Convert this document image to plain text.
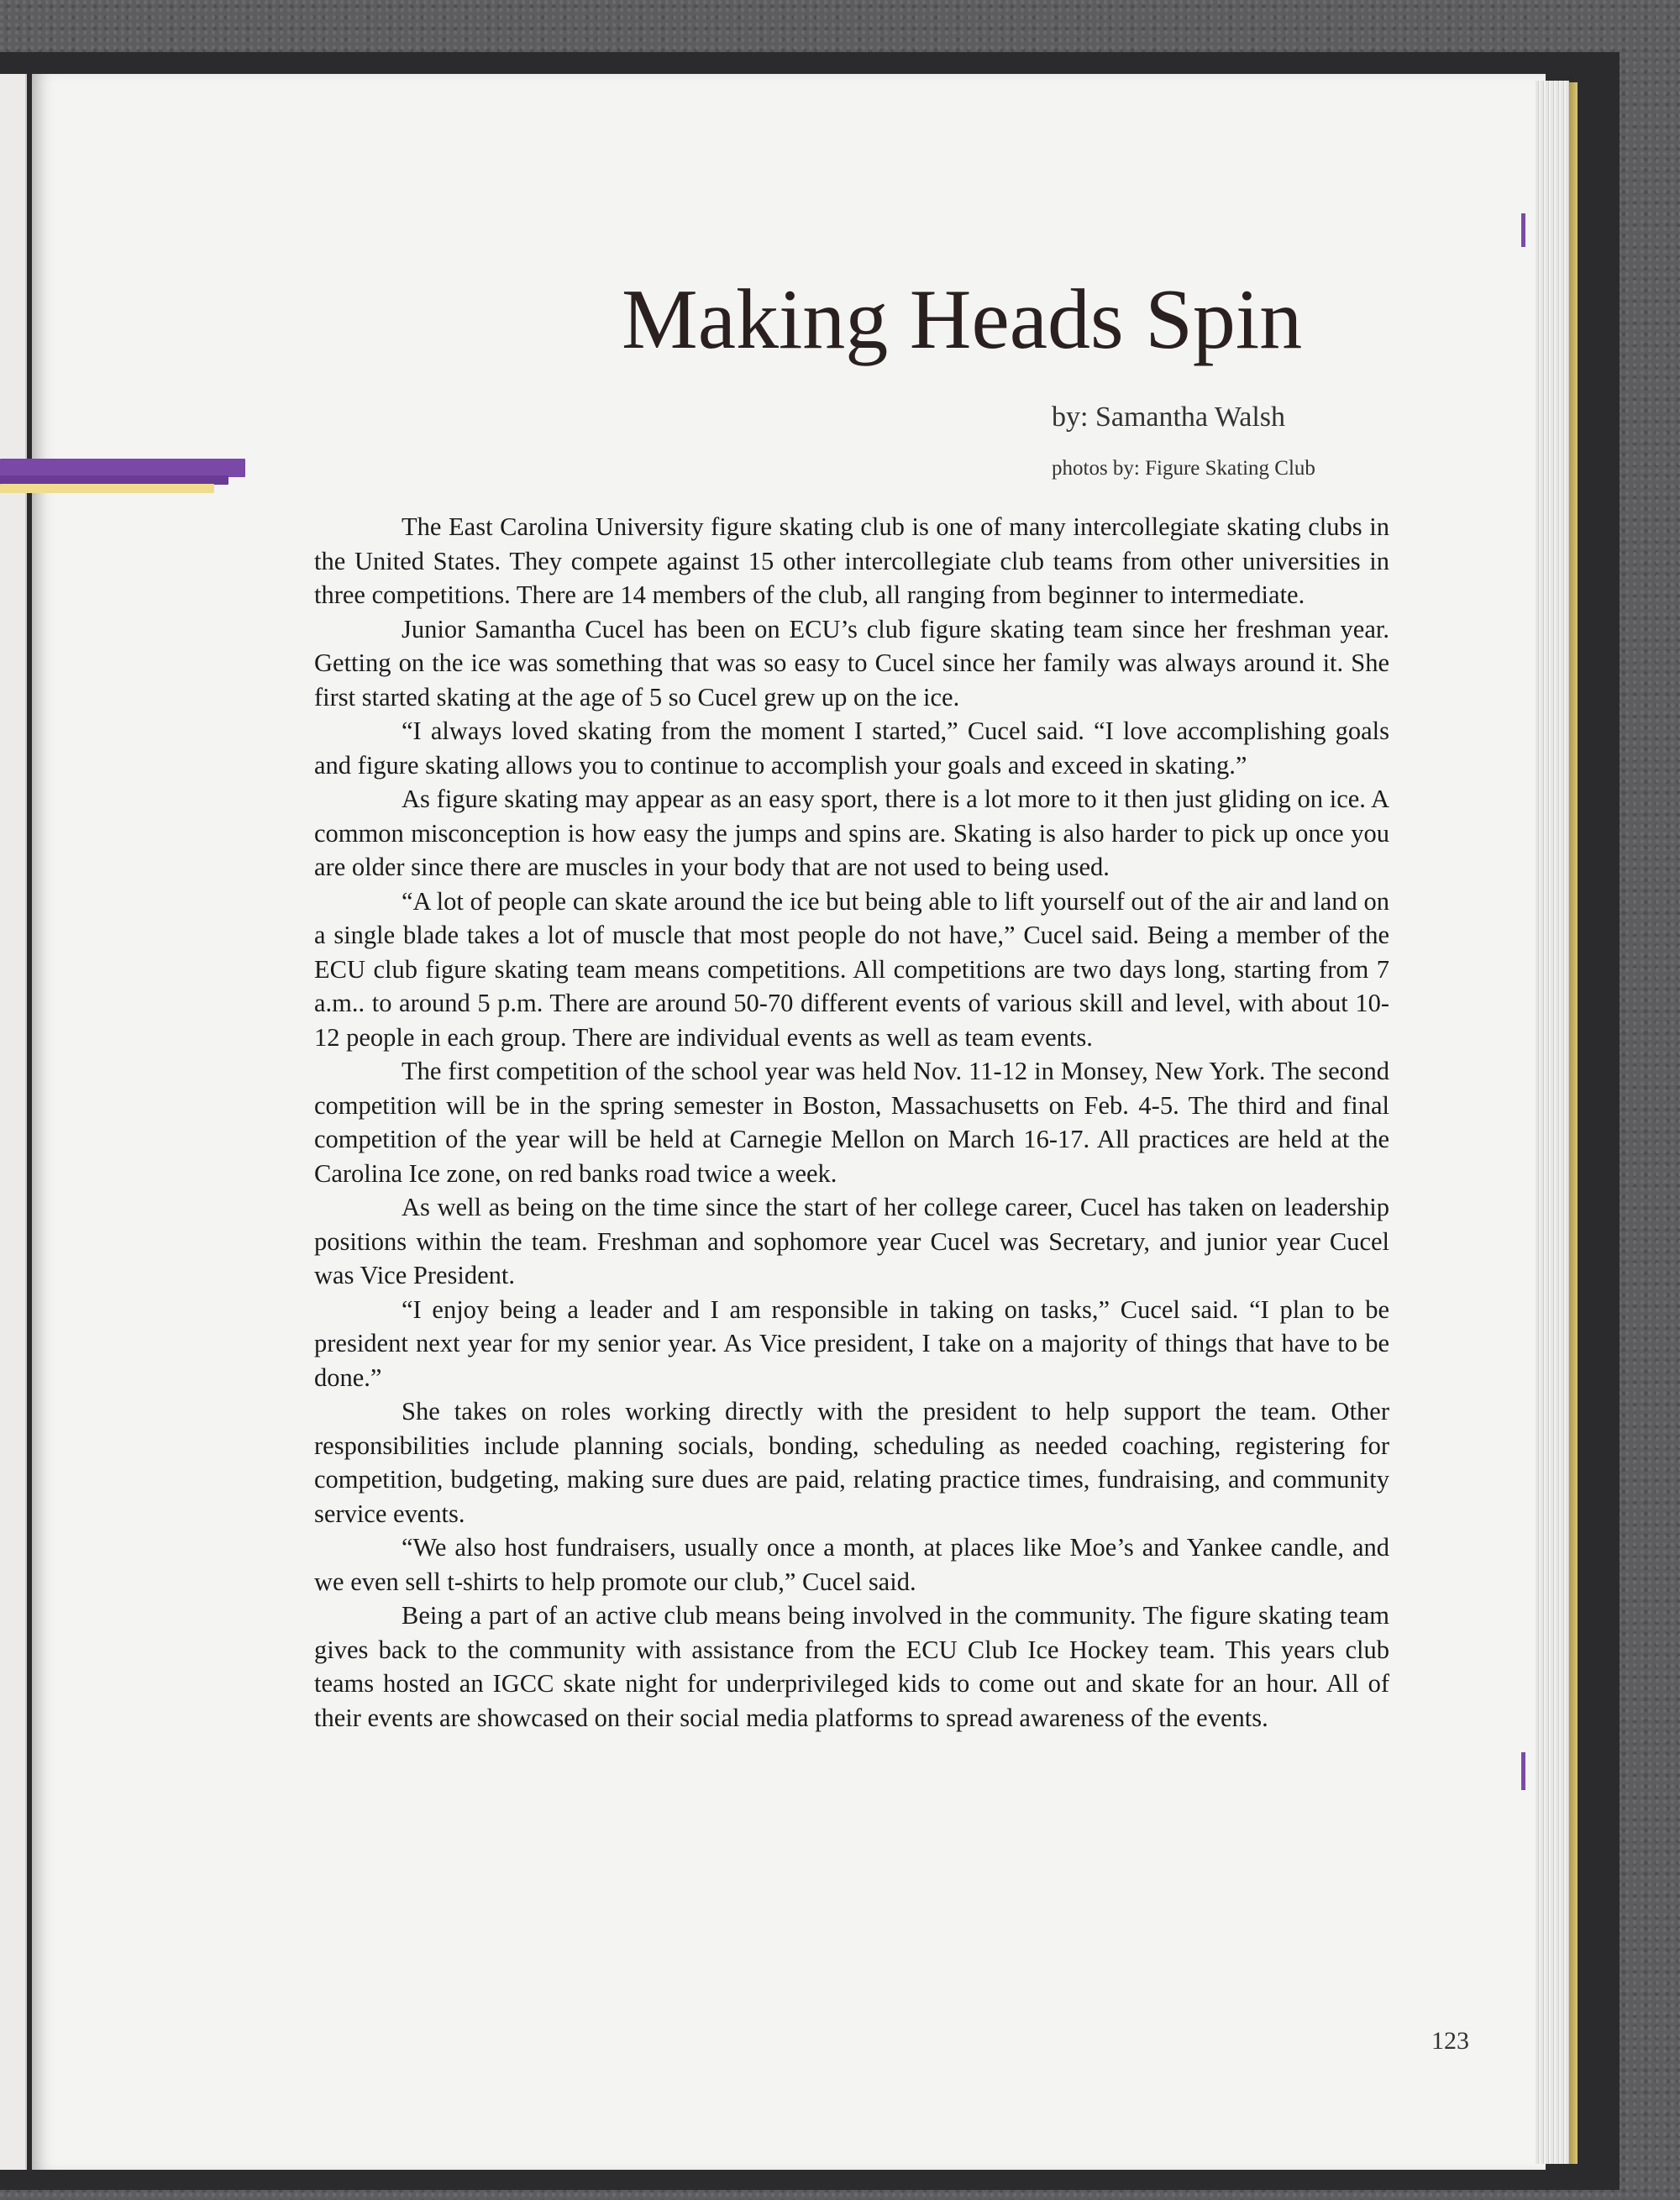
Making Heads Spin
by: Samantha Walsh
photos by: Figure Skating Club

The East Carolina University figure skating club is one of many intercollegiate skating clubs in the United States. They compete against 15 other intercollegiate club teams from other universities in three competitions. There are 14 members of the club, all ranging from beginner to intermediate.

Junior Samantha Cucel has been on ECU’s club figure skating team since her freshman year. Getting on the ice was something that was so easy to Cucel since her family was always around it. She first started skating at the age of 5 so Cucel grew up on the ice.

“I always loved skating from the moment I started,” Cucel said. “I love accomplishing goals and figure skating allows you to continue to accomplish your goals and exceed in skating.”

As figure skating may appear as an easy sport, there is a lot more to it then just gliding on ice. A common misconception is how easy the jumps and spins are. Skating is also harder to pick up once you are older since there are muscles in your body that are not used to being used.

“A lot of people can skate around the ice but being able to lift yourself out of the air and land on a single blade takes a lot of muscle that most people do not have,” Cucel said. Being a member of the ECU club figure skating team means competitions. All competitions are two days long, starting from 7 a.m.. to around 5 p.m. There are around 50-70 different events of various skill and level, with about 10-12 people in each group. There are individual events as well as team events.

The first competition of the school year was held Nov. 11-12 in Monsey, New York. The second competition will be in the spring semester in Boston, Massachusetts on Feb. 4-5. The third and final competition of the year will be held at Carnegie Mellon on March 16-17. All practices are held at the Carolina Ice zone, on red banks road twice a week.

As well as being on the time since the start of her college career, Cucel has taken on leadership positions within the team. Freshman and sophomore year Cucel was Secretary, and junior year Cucel was Vice President.

“I enjoy being a leader and I am responsible in taking on tasks,” Cucel said. “I plan to be president next year for my senior year. As Vice president, I take on a majority of things that have to be done.”

She takes on roles working directly with the president to help support the team. Other responsibilities include planning socials, bonding, scheduling as needed coaching, registering for competition, budgeting, making sure dues are paid, relating practice times, fundraising, and community service events.

“We also host fundraisers, usually once a month, at places like Moe’s and Yankee candle, and we even sell t-shirts to help promote our club,” Cucel said.

Being a part of an active club means being involved in the community. The figure skating team gives back to the community with assistance from the ECU Club Ice Hockey team. This years club teams hosted an IGCC skate night for underprivileged kids to come out and skate for an hour. All of their events are showcased on their social media platforms to spread awareness of the events.

123
